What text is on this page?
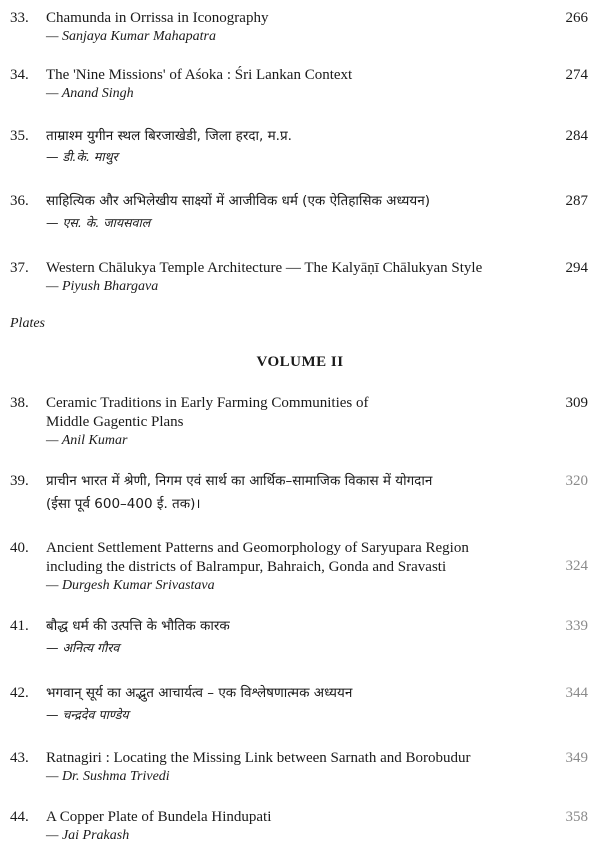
33. Chamunda in Orrissa in Iconography
— Sanjaya Kumar Mahapatra
266
34. The 'Nine Missions' of Aśoka : Śri Lankan Context
— Anand Singh
274
35. ताम्राश्म युगीन स्थल बिरजाखेडी, जिला हरदा, म.प्र.
— डी.के. माथुर
284
36. साहित्यिक और अभिलेखीय साक्ष्यों में आजीविक धर्म (एक ऐतिहासिक अध्ययन)
— एस. के. जायसवाल
287
37. Western Chālukya Temple Architecture — The Kalyāṇī Chālukyan Style
— Piyush Bhargava
294
Plates
VOLUME II
38. Ceramic Traditions in Early Farming Communities of
Middle Gagentic Plans
— Anil Kumar
309
39. प्राचीन भारत में श्रेणी, निगम एवं सार्थ का आर्थिक–सामाजिक विकास में योगदान
(ईसा पूर्व 600–400 ई. तक)।
320
40. Ancient Settlement Patterns and Geomorphology of Saryupara Region
including the districts of Balrampur, Bahraich, Gonda and Sravasti
— Durgesh Kumar Srivastava
324
41. बौद्ध धर्म की उत्पत्ति के भौतिक कारक
— अनित्य गौरव
339
42. भगवान् सूर्य का अद्भुत आचार्यत्व – एक विश्लेषणात्मक अध्ययन
— चन्द्रदेव पाण्डेय
344
43. Ratnagiri : Locating the Missing Link between Sarnath and Borobudur
— Dr. Sushma Trivedi
349
44. A Copper Plate of Bundela Hindupati
— Jai Prakash
358
